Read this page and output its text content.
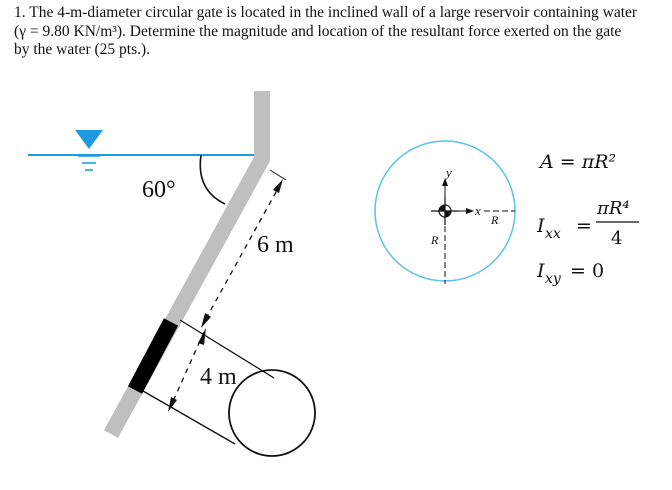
1. The 4-m-diameter circular gate is located in the inclined wall of a large reservoir containing water
(γ = 9.80 KN/m³). Determine the magnitude and location of the resultant force exerted on the gate
by the water (25 pts.).
60°
6 m
4 m
y
x
R
R
A = πR²
I xx =
πR⁴
4
I xy = 0
